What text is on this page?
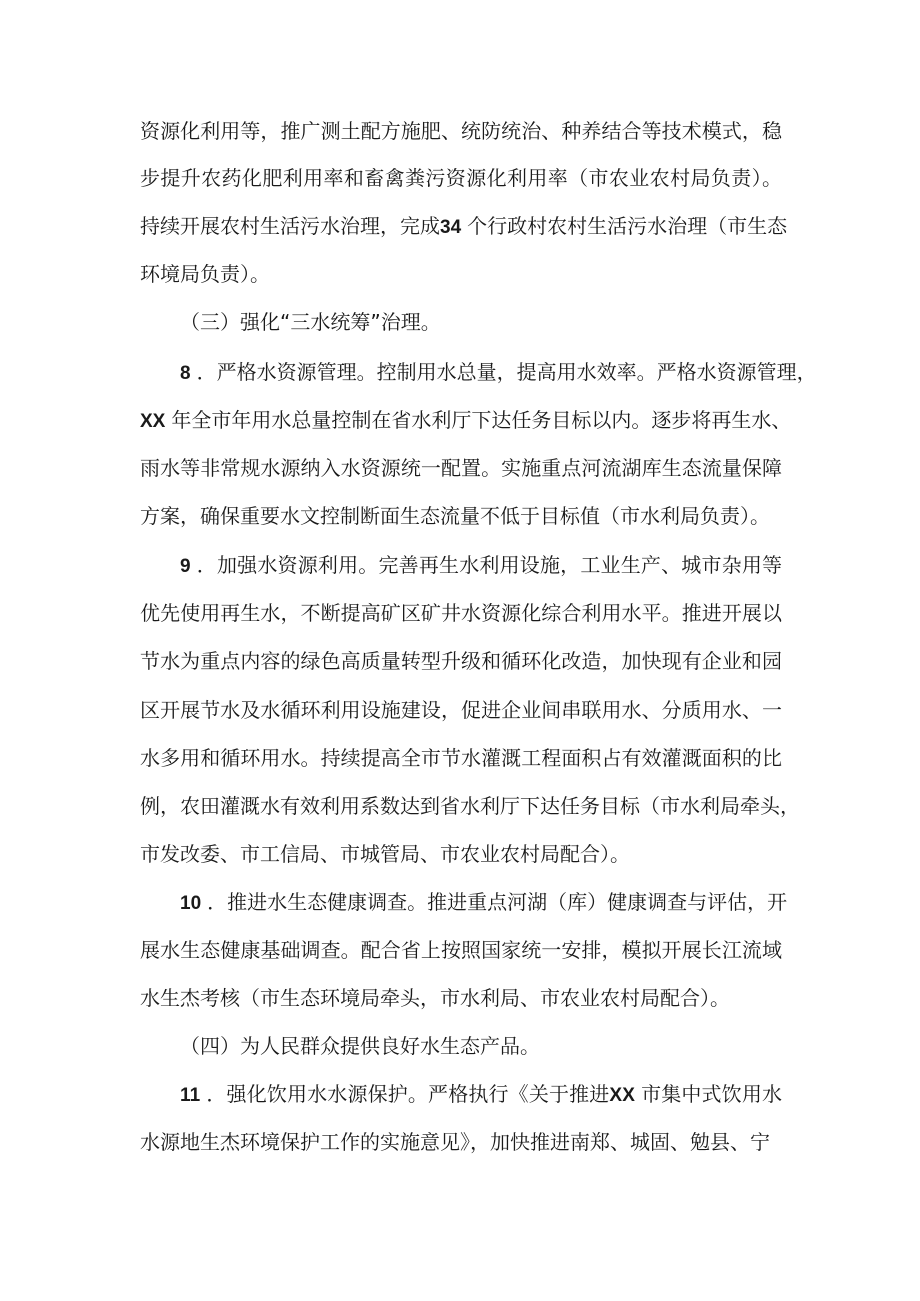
资源化利用等，推广测土配方施肥、统防统治、种养结合等技术模式，稳
步提升农药化肥利用率和畜禽粪污资源化利用率（市农业农村局负责）。
持续开展农村生活污水治理，完成34 个行政村农村生活污水治理（市生态
环境局负责）。
（三）强化“三水统筹”治理。
8 ．严格水资源管理。控制用水总量，提高用水效率。严格水资源管理，
XX 年全市年用水总量控制在省水利厅下达任务目标以内。逐步将再生水、
雨水等非常规水源纳入水资源统一配置。实施重点河流湖库生态流量保障
方案，确保重要水文控制断面生态流量不低于目标值（市水利局负责）。
9 ．加强水资源利用。完善再生水利用设施，工业生产、城市杂用等
优先使用再生水，不断提高矿区矿井水资源化综合利用水平。推进开展以
节水为重点内容的绿色高质量转型升级和循环化改造，加快现有企业和园
区开展节水及水循环利用设施建设，促进企业间串联用水、分质用水、一
水多用和循环用水。持续提高全市节水灌溉工程面积占有效灌溉面积的比
例，农田灌溉水有效利用系数达到省水利厅下达任务目标（市水利局牵头，
市发改委、市工信局、市城管局、市农业农村局配合）。
10 ．推进水生态健康调查。推进重点河湖（库）健康调查与评估，开
展水生态健康基础调查。配合省上按照国家统一安排，模拟开展长江流域
水生杰考核（市生态环境局牵头，市水利局、市农业农村局配合）。
（四）为人民群众提供良好水生态产品。
11 ．强化饮用水水源保护。严格执行《关于推进XX 市集中式饮用水
水源地生杰环境保护工作的实施意见》，加快推进南郑、城固、勉县、宁
